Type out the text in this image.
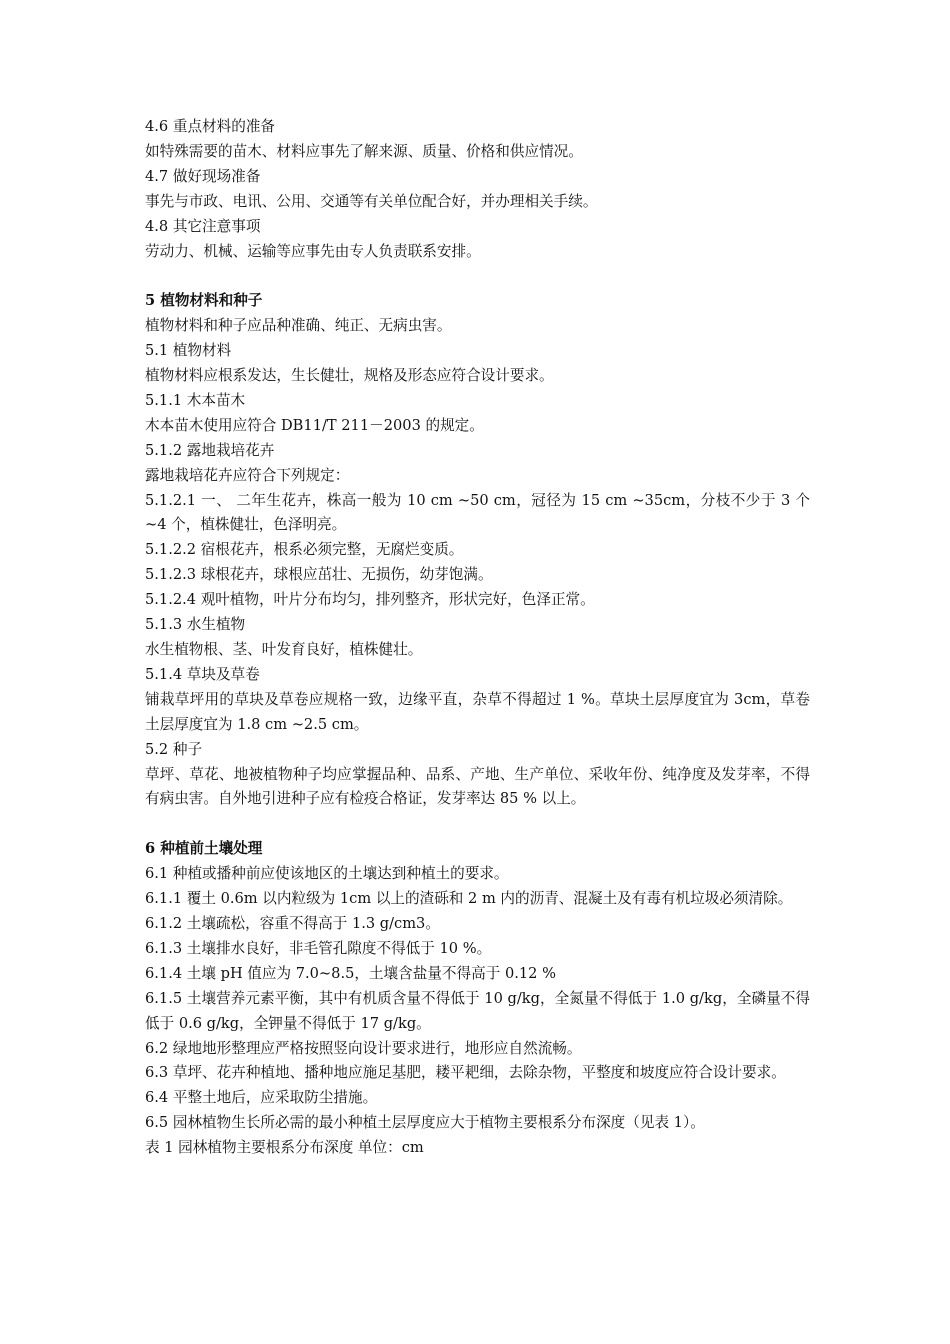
4.6 重点材料的准备
如特殊需要的苗木、材料应事先了解来源、质量、价格和供应情况。
4.7 做好现场准备
事先与市政、电讯、公用、交通等有关单位配合好，并办理相关手续。
4.8 其它注意事项
劳动力、机械、运输等应事先由专人负责联系安排。
5 植物材料和种子
植物材料和种子应品种准确、纯正、无病虫害。
5.1 植物材料
植物材料应根系发达，生长健壮，规格及形态应符合设计要求。
5.1.1 木本苗木
木本苗木使用应符合 DB11/T 211－2003 的规定。
5.1.2 露地栽培花卉
露地栽培花卉应符合下列规定：
5.1.2.1 一、 二年生花卉，株高一般为 10 cm ~50 cm，冠径为 15 cm ~35cm，分枝不少于 3 个~4 个，植株健壮，色泽明亮。
5.1.2.2 宿根花卉，根系必须完整，无腐烂变质。
5.1.2.3 球根花卉，球根应茁壮、无损伤，幼芽饱满。
5.1.2.4 观叶植物，叶片分布均匀，排列整齐，形状完好，色泽正常。
5.1.3 水生植物
水生植物根、茎、叶发育良好，植株健壮。
5.1.4 草块及草卷
铺栽草坪用的草块及草卷应规格一致，边缘平直，杂草不得超过 1 %。草块土层厚度宜为 3cm，草卷土层厚度宜为 1.8 cm ~2.5 cm。
5.2 种子
草坪、草花、地被植物种子均应掌握品种、品系、产地、生产单位、采收年份、纯净度及发芽率，不得有病虫害。自外地引进种子应有检疫合格证，发芽率达 85 % 以上。
6 种植前土壤处理
6.1 种植或播种前应使该地区的土壤达到种植土的要求。
6.1.1 覆土 0.6m 以内粒级为 1cm 以上的渣砾和 2 m 内的沥青、混凝土及有毒有机垃圾必须清除。
6.1.2 土壤疏松，容重不得高于 1.3 g/cm3。
6.1.3 土壤排水良好，非毛管孔隙度不得低于 10 %。
6.1.4 土壤 pH 值应为 7.0~8.5，土壤含盐量不得高于 0.12 %
6.1.5 土壤营养元素平衡，其中有机质含量不得低于 10 g/kg，全氮量不得低于 1.0 g/kg，全磷量不得低于 0.6 g/kg，全钾量不得低于 17 g/kg。
6.2 绿地地形整理应严格按照竖向设计要求进行，地形应自然流畅。
6.3 草坪、花卉种植地、播种地应施足基肥，耧平耙细，去除杂物，平整度和坡度应符合设计要求。
6.4 平整土地后，应采取防尘措施。
6.5 园林植物生长所必需的最小种植土层厚度应大于植物主要根系分布深度（见表 1）。
表 1 园林植物主要根系分布深度 单位：cm
